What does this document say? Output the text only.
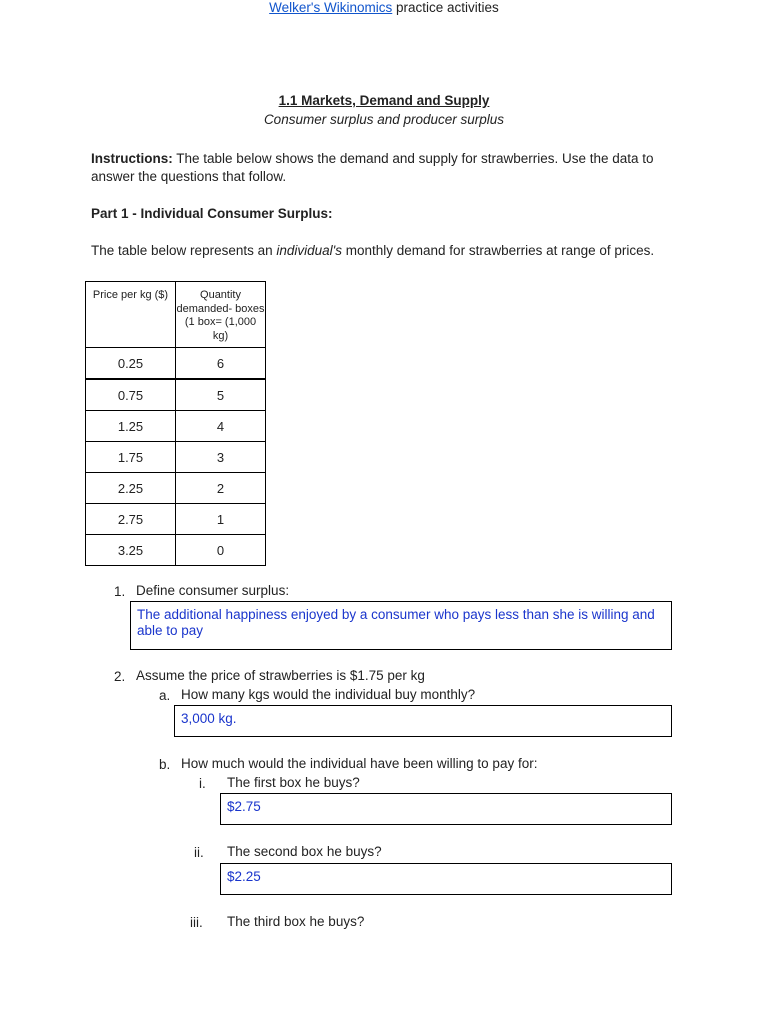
Welker's Wikinomics practice activities
1.1 Markets, Demand and Supply
Consumer surplus and producer surplus
Instructions: The table below shows the demand and supply for strawberries. Use the data to answer the questions that follow.
Part 1 - Individual Consumer Surplus:
The table below represents an individual's monthly demand for strawberries at range of prices.
Price per kg ($)	Quantity demanded- boxes (1 box= (1,000 kg)
0.25	6
0.75	5
1.25	4
1.75	3
2.25	2
2.75	1
3.25	0
1. Define consumer surplus:
The additional happiness enjoyed by a consumer who pays less than she is willing and able to pay
2. Assume the price of strawberries is $1.75 per kg
a. How many kgs would the individual buy monthly?
3,000 kg.
b. How much would the individual have been willing to pay for:
i. The first box he buys?
$2.75
ii. The second box he buys?
$2.25
iii. The third box he buys?
